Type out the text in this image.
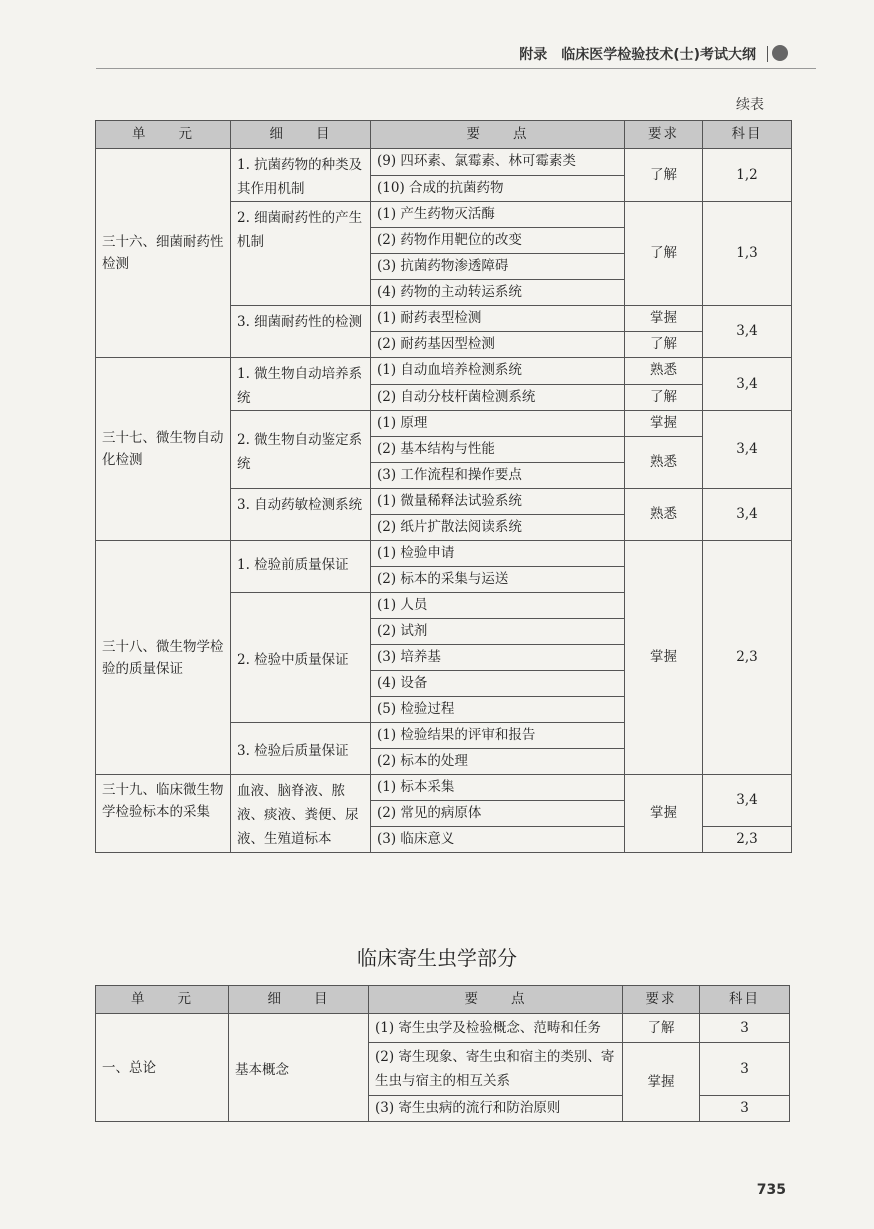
附录　临床医学检验技术(士)考试大纲
续表
单　　元	细　　目	要　　点	要求	科目
三十六、细菌耐药性检测	1. 抗菌药物的种类及其作用机制	(9) 四环素、氯霉素、林可霉素类	了解	1,2
		(10) 合成的抗菌药物		
	2. 细菌耐药性的产生机制	(1) 产生药物灭活酶	了解	1,3
		(2) 药物作用靶位的改变		
		(3) 抗菌药物渗透障碍		
		(4) 药物的主动转运系统		
	3. 细菌耐药性的检测	(1) 耐药表型检测	掌握	3,4
		(2) 耐药基因型检测	了解	
三十七、微生物自动化检测	1. 微生物自动培养系统	(1) 自动血培养检测系统	熟悉	3,4
		(2) 自动分枝杆菌检测系统	了解	
	2. 微生物自动鉴定系统	(1) 原理	掌握	3,4
		(2) 基本结构与性能	熟悉	
		(3) 工作流程和操作要点		
	3. 自动药敏检测系统	(1) 微量稀释法试验系统	熟悉	3,4
		(2) 纸片扩散法阅读系统		
三十八、微生物学检验的质量保证	1. 检验前质量保证	(1) 检验申请	掌握	2,3
		(2) 标本的采集与运送		
	2. 检验中质量保证	(1) 人员		
		(2) 试剂		
		(3) 培养基		
		(4) 设备		
		(5) 检验过程		
	3. 检验后质量保证	(1) 检验结果的评审和报告		
		(2) 标本的处理		
三十九、临床微生物学检验标本的采集	血液、脑脊液、脓液、痰液、粪便、尿液、生殖道标本	(1) 标本采集	掌握	3,4
		(2) 常见的病原体		
		(3) 临床意义		2,3
临床寄生虫学部分
单　　元	细　　目	要　　点	要求	科目
一、总论	基本概念	(1) 寄生虫学及检验概念、范畴和任务	了解	3
		(2) 寄生现象、寄生虫和宿主的类别、寄生虫与宿主的相互关系	掌握	3
		(3) 寄生虫病的流行和防治原则		3
735
